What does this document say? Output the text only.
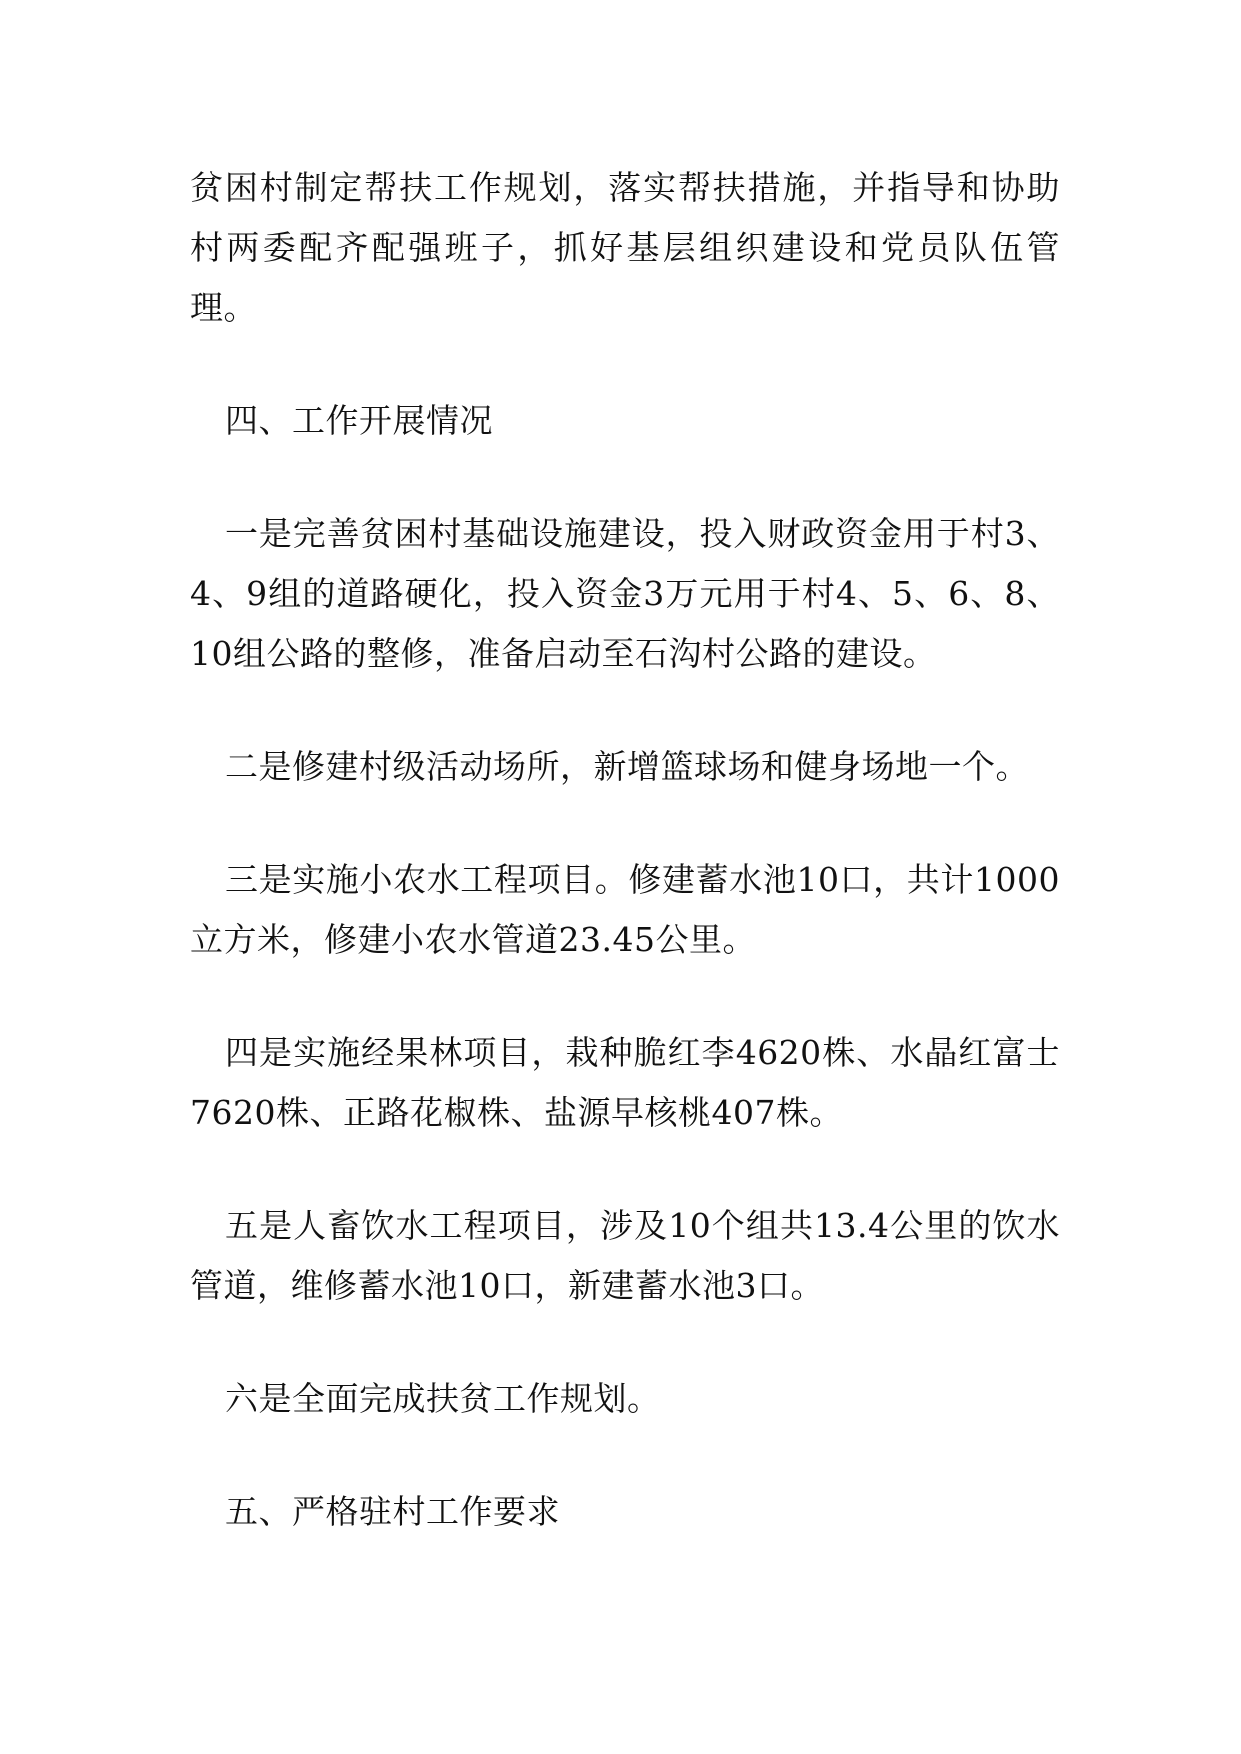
贫困村制定帮扶工作规划，落实帮扶措施，并指导和协助村两委配齐配强班子，抓好基层组织建设和党员队伍管理。

四、工作开展情况

一是完善贫困村基础设施建设，投入财政资金用于村3、4、9组的道路硬化，投入资金3万元用于村4、5、6、8、10组公路的整修，准备启动至石沟村公路的建设。

二是修建村级活动场所，新增篮球场和健身场地一个。

三是实施小农水工程项目。修建蓄水池10口，共计1000立方米，修建小农水管道23.45公里。

四是实施经果林项目，栽种脆红李4620株、水晶红富士7620株、正路花椒株、盐源早核桃407株。

五是人畜饮水工程项目，涉及10个组共13.4公里的饮水管道，维修蓄水池10口，新建蓄水池3口。

六是全面完成扶贫工作规划。

五、严格驻村工作要求
